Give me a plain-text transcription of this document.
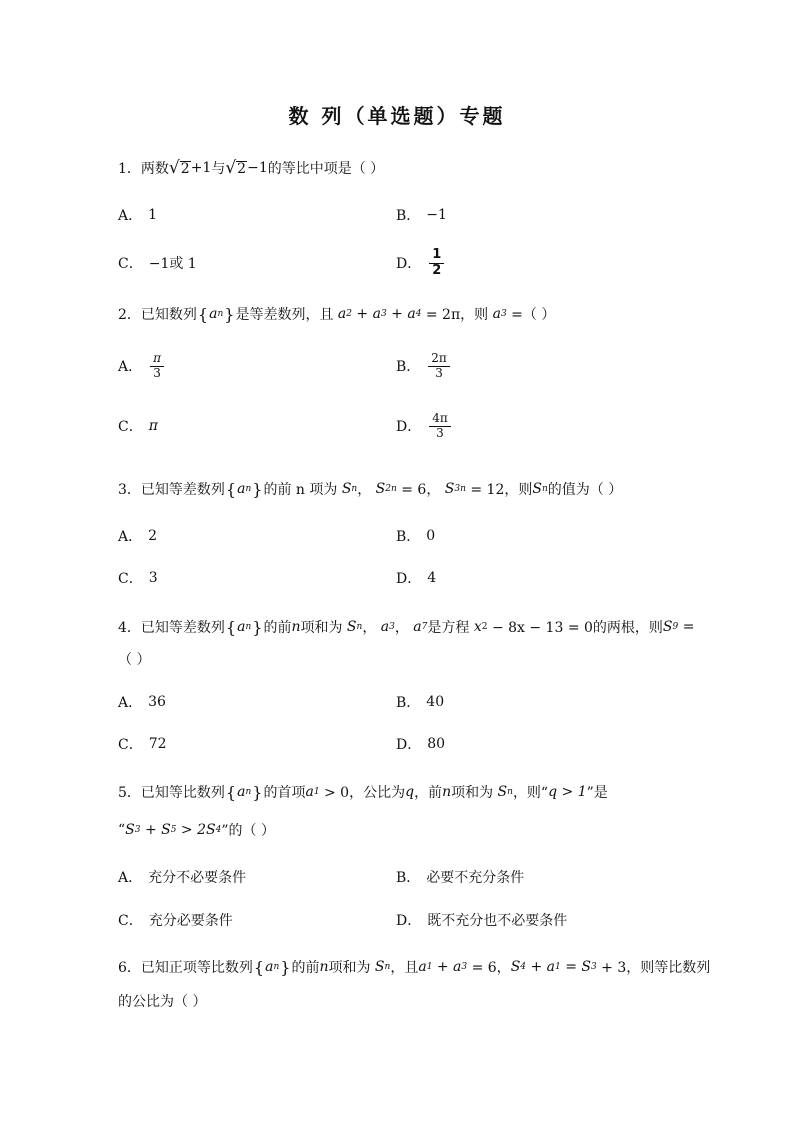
数 列（单选题）专题
1． 两数 √ 2 +1 与 √ 2 −1 的等比中项是（ ）
A． 1	B． −1
C． −1或 1	D． $\frac{1}{2}$
2． 已知数列 { a n } 是等差数列，且 a 2 + a 3
+ a 4
= 2π，则 a 3
=（ ）
A． $\frac{\pi}{3}$	B． $\frac{2\pi}{3}$
C． π	D． $\frac{4\pi}{3}$
3． 已知等差数列 { a n } 的前 n 项为 S n ， S 2n
= 6， S 3n
= 12，则 S n 的值为（ ）
A． 2	B． 0
C． 3	D． 4
4． 已知等差数列 { a n } 的前 n 项和为 S n ， a 3 ， a 7 是方程 x 2
− 8x − 13 = 0的两根，则 S 9
=
（ ）
A． 36	B． 40
C． 72	D． 80
5． 已知等比数列 { a n } 的首项 a 1
> 0，公比为 q ，前 n 项和为 S n ，则“ q > 1 ”是
“ S 3
+ S 5
> 2S 4 ”的（ ）
A． 充分不必要条件	B． 必要不充分条件
C． 充分必要条件	D． 既不充分也不必要条件
6． 已知正项等比数列 { a n } 的前 n 项和为 S n ，且 a 1
+ a 3
= 6， S 4
+ a 1
= S 3
+ 3，则等比数列
的公比为（ ）
